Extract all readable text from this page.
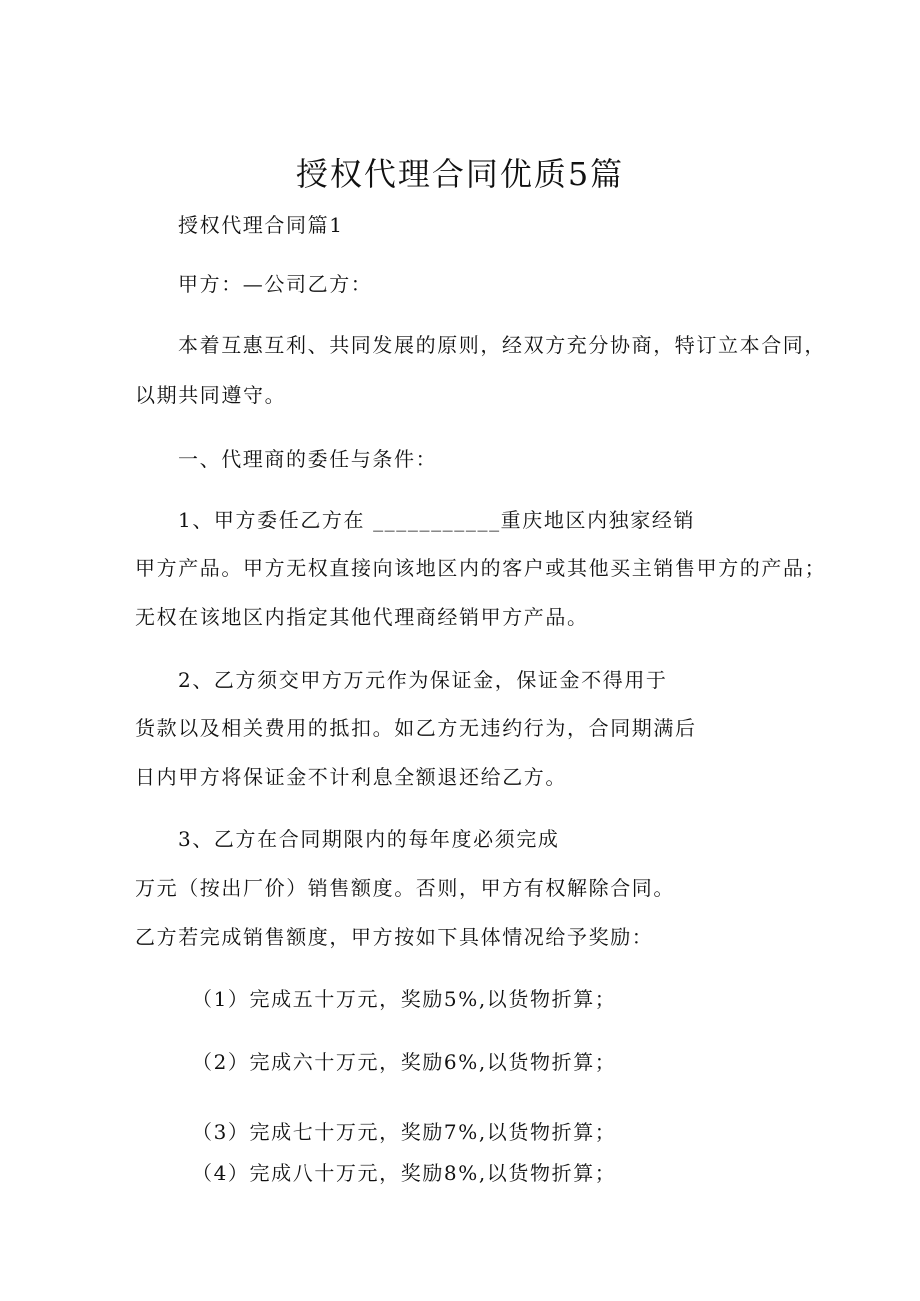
授权代理合同优质5篇

授权代理合同篇1

甲方：—公司乙方：

本着互惠互利、共同发展的原则，经双方充分协商，特订立本合同，

以期共同遵守。

一、代理商的委任与条件：

1、甲方委任乙方在 ___________重庆地区内独家经销

甲方产品。甲方无权直接向该地区内的客户或其他买主销售甲方的产品；

无权在该地区内指定其他代理商经销甲方产品。

2、乙方须交甲方万元作为保证金，保证金不得用于

货款以及相关费用的抵扣。如乙方无违约行为，合同期满后

日内甲方将保证金不计利息全额退还给乙方。

3、乙方在合同期限内的每年度必须完成

万元（按出厂价）销售额度。否则，甲方有权解除合同。

乙方若完成销售额度，甲方按如下具体情况给予奖励：

（1）完成五十万元，奖励5%,以货物折算；

（2）完成六十万元，奖励6%,以货物折算；

（3）完成七十万元，奖励7%,以货物折算；

（4）完成八十万元，奖励8%,以货物折算；
